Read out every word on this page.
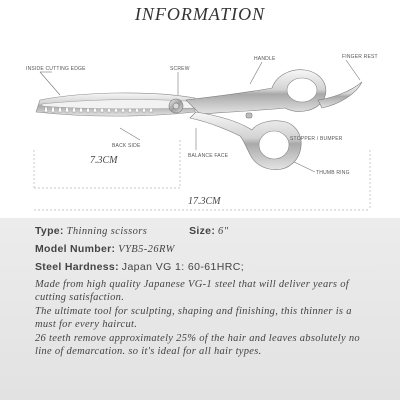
INFORMATION
INSIDE CUTTING EDGE	SCREW
HANDLE	FINGER REST
BACK SIDE
STOPPER / BUMPER
BALANCE FACE
THUMB RING
7.3CM
17.3CM
Type: Thinning scissors	Size: 6ʺ
Model Number: VYB5-26RW
Steel Hardness: Japan VG 1: 60-61HRC;
Made from high quality Japanese VG-1 steel that will deliver years of cutting satisfaction.
The ultimate tool for sculpting, shaping and finishing, this thinner is a must for every haircut.
26 teeth remove approximately 25% of the hair and leaves absolutely no line of demarcation. so it's ideal for all hair types.
